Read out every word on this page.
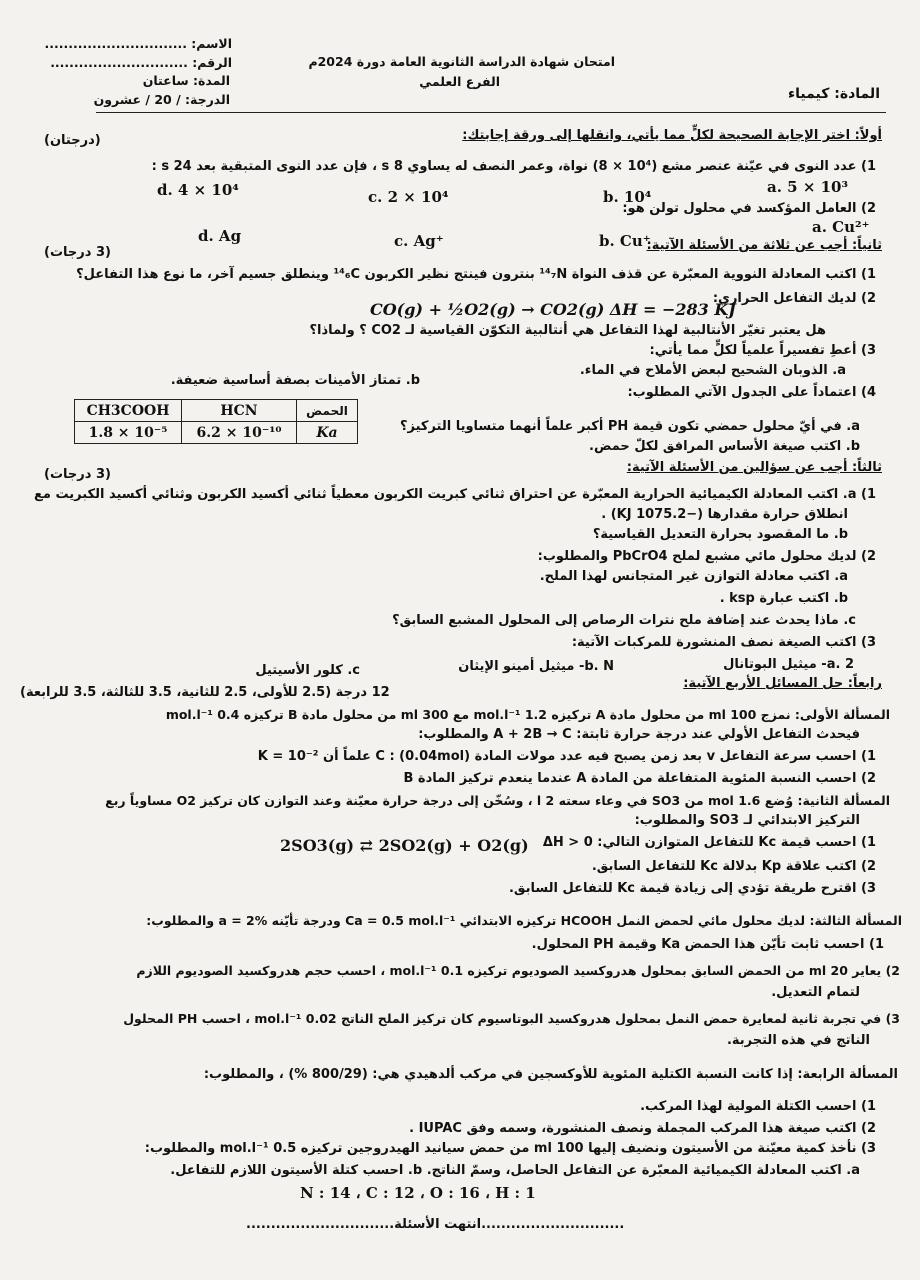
الاسم: ..............................
الرقم: .............................
المدة: ساعتان
الدرجة: / 20 / عشرون
امتحان شهادة الدراسة الثانوية العامة دورة 2024م
الفرع العلمي
المادة: كيمياء
أولاً: اختر الإجابة الصحيحة لكلٍّ مما يأتي، وانقلها إلى ورقة إجابتك:
(درجتان)
1) عدد النوى في عيّنة عنصر مشع (10⁴ × 8) نواة، وعمر النصف له يساوي 8 s ، فإن عدد النوى المتبقية بعد 24 s :
a. 5 × 10³
b. 10⁴
c. 2 × 10⁴
d. 4 × 10⁴
2) العامل المؤكسد في محلول تولن هو:
a. Cu²⁺
b. Cu⁺
c. Ag⁺
d. Ag
ثانياً: أجب عن ثلاثة من الأسئلة الآتية:
(3 درجات)
1) اكتب المعادلة النووية المعبّرة عن قذف النواة ¹⁴₇N بنترون فينتج نظير الكربون ¹⁴₆C وينطلق جسيم آخر، ما نوع هذا التفاعل؟
2) لديك التفاعل الحراري:
CO(g) + ½O2(g) → CO2(g) ΔH = −283 KJ
هل يعتبر تغيّر الأنتالبية لهذا التفاعل هي أنتالبية التكوّن القياسية لـ CO2 ؟ ولماذا؟
3) أعطِ تفسيراً علمياً لكلٍّ مما يأتي:
a. الذوبان الشحيح لبعض الأملاح في الماء.
b. تمتاز الأمينات بصفة أساسية ضعيفة.
4) اعتماداً على الجدول الآتي المطلوب:
CH3COOH	HCN	الحمض
1.8 × 10⁻⁵	6.2 × 10⁻¹⁰	Ka	a. في أيّ محلول حمضي تكون قيمة PH أكبر علماً أنهما متساويا التركيز؟
b. اكتب صيغة الأساس المرافق لكلّ حمض.
ثالثاً: أجب عن سؤالين من الأسئلة الآتية:
(3 درجات)
1) a. اكتب المعادلة الكيميائية الحرارية المعبّرة عن احتراق ثنائي كبريت الكربون معطياً ثنائي أكسيد الكربون وثنائي أكسيد الكبريت مع
انطلاق حرارة مقدارها (−1075.2 KJ) .
b. ما المقصود بحرارة التعديل القياسية؟
2) لديك محلول مائي مشبع لملح PbCrO4 والمطلوب:
a. اكتب معادلة التوازن غير المتجانس لهذا الملح.
b. اكتب عبارة ksp .
c. ماذا يحدث عند إضافة ملح نترات الرصاص إلى المحلول المشبع السابق؟
3) اكتب الصيغة نصف المنشورة للمركبات الآتية:
a. 2- ميثيل البوتانال
b. N- ميثيل أمينو الإيثان
c. كلور الأسيتيل
رابعاً: حل المسائل الأربع الآتية:
12 درجة (2.5 للأولى، 2.5 للثانية، 3.5 للثالثة، 3.5 للرابعة)
المسألة الأولى: نمزج 100 ml من محلول مادة A تركيزه 1.2 mol.l⁻¹ مع 300 ml من محلول مادة B تركيزه 0.4 mol.l⁻¹
فيحدث التفاعل الأولي عند درجة حرارة ثابتة: A + 2B → C والمطلوب:
1) احسب سرعة التفاعل v بعد زمن يصبح فيه عدد مولات المادة C : (0.04mol) علماً أن K = 10⁻²
2) احسب النسبة المئوية المتفاعلة من المادة A عندما ينعدم تركيز المادة B
المسألة الثانية: وُضع 1.6 mol من SO3 في وعاء سعته 2 l ، وسُخّن إلى درجة حرارة معيّنة وعند التوازن كان تركيز O2 مساوياً ربع
التركيز الابتدائي لـ SO3 والمطلوب:
2SO3(g) ⇄ 2SO2(g) + O2(g)	1) احسب قيمة Kc للتفاعل المتوازن التالي: ΔH > 0
2) اكتب علاقة Kp بدلالة Kc للتفاعل السابق.
3) اقترح طريقة تؤدي إلى زيادة قيمة Kc للتفاعل السابق.
المسألة الثالثة: لديك محلول مائي لحمض النمل HCOOH تركيزه الابتدائي Ca = 0.5 mol.l⁻¹ ودرجة تأيّنه a = 2% والمطلوب:
1) احسب ثابت تأيّن هذا الحمض Ka وقيمة PH المحلول.
2) يعاير 20 ml من الحمض السابق بمحلول هدروكسيد الصوديوم تركيزه 0.1 mol.l⁻¹ ، احسب حجم هدروكسيد الصوديوم اللازم
لتمام التعديل.
3) في تجربة ثانية لمعايرة حمض النمل بمحلول هدروكسيد البوتاسيوم كان تركيز الملح الناتج 0.02 mol.l⁻¹ ، احسب PH المحلول
الناتج في هذه التجربة.
المسألة الرابعة: إذا كانت النسبة الكتلية المئوية للأوكسجين في مركب ألدهيدي هي: (800/29 %) ، والمطلوب:
1) احسب الكتلة المولية لهذا المركب.
2) اكتب صيغة هذا المركب المجملة ونصف المنشورة، وسمه وفق IUPAC .
3) نأخذ كمية معيّنة من الأسيتون ونضيف إليها 100 ml من حمض سيانيد الهيدروجين تركيزه 0.5 mol.l⁻¹ والمطلوب:
a. اكتب المعادلة الكيميائية المعبّرة عن التفاعل الحاصل، وسمّ الناتج. b. احسب كتلة الأسيتون اللازم للتفاعل.
N : 14 ، C : 12 ، O : 16 ، H : 1
.............................انتهت الأسئلة..............................
